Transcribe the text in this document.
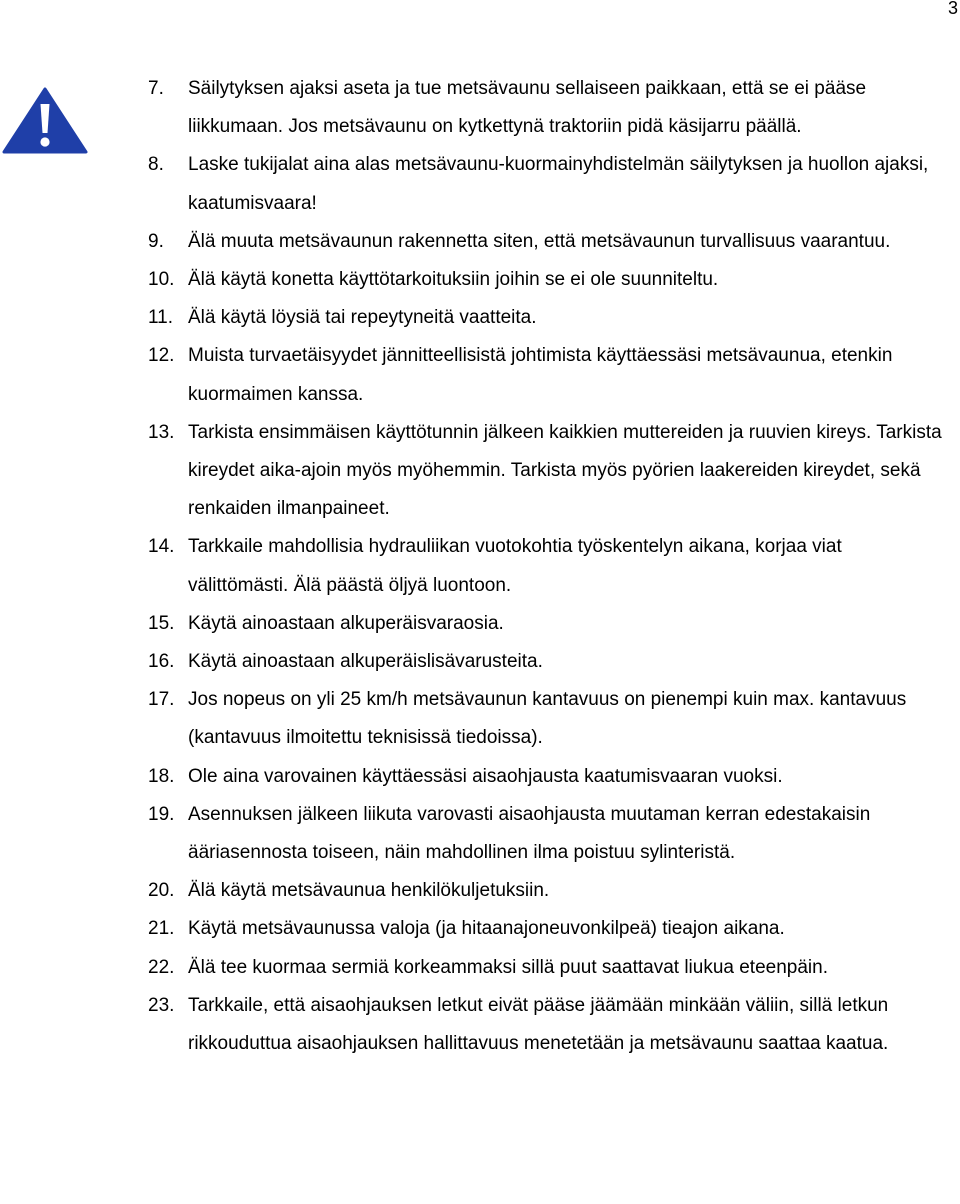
3
7. Säilytyksen ajaksi aseta ja tue metsävaunu sellaiseen paikkaan, että se ei pääse liikkumaan. Jos metsävaunu on kytkettynä traktoriin pidä käsijarru päällä.
8. Laske tukijalat aina alas metsävaunu-kuormainyhdistelmän säilytyksen ja huollon ajaksi, kaatumisvaara!
9. Älä muuta metsävaunun rakennetta siten, että metsävaunun turvallisuus vaarantuu.
10. Älä käytä konetta käyttötarkoituksiin joihin se ei ole suunniteltu.
11. Älä käytä löysiä tai repeytyneitä vaatteita.
12. Muista turvaetäisyydet jännitteellisistä johtimista käyttäessäsi metsävaunua, etenkin kuormaimen kanssa.
13. Tarkista ensimmäisen käyttötunnin jälkeen kaikkien muttereiden ja ruuvien kireys. Tarkista kireydet aika-ajoin myös myöhemmin. Tarkista myös pyörien laakereiden kireydet, sekä renkaiden ilmanpaineet.
14. Tarkkaile mahdollisia hydrauliikan vuotokohtia työskentelyn aikana, korjaa viat välittömästi. Älä päästä öljyä luontoon.
15. Käytä ainoastaan alkuperäisvaraosia.
16. Käytä ainoastaan alkuperäislisävarusteita.
17. Jos nopeus on yli 25 km/h metsävaunun kantavuus on pienempi kuin max. kantavuus (kantavuus ilmoitettu teknisissä tiedoissa).
18. Ole aina varovainen käyttäessäsi aisaohjausta kaatumisvaaran vuoksi.
19. Asennuksen jälkeen liikuta varovasti aisaohjausta muutaman kerran edestakaisin ääriasennosta toiseen, näin mahdollinen ilma poistuu sylinteristä.
20. Älä käytä metsävaunua henkilökuljetuksiin.
21. Käytä metsävaunussa valoja (ja hitaanajoneuvonkilpeä) tieajon aikana.
22. Älä tee kuormaa sermiä korkeammaksi sillä puut saattavat liukua eteenpäin.
23. Tarkkaile, että aisaohjauksen letkut eivät pääse jäämään minkään väliin, sillä letkun rikkouduttua aisaohjauksen hallittavuus menetetään ja metsävaunu saattaa kaatua.
